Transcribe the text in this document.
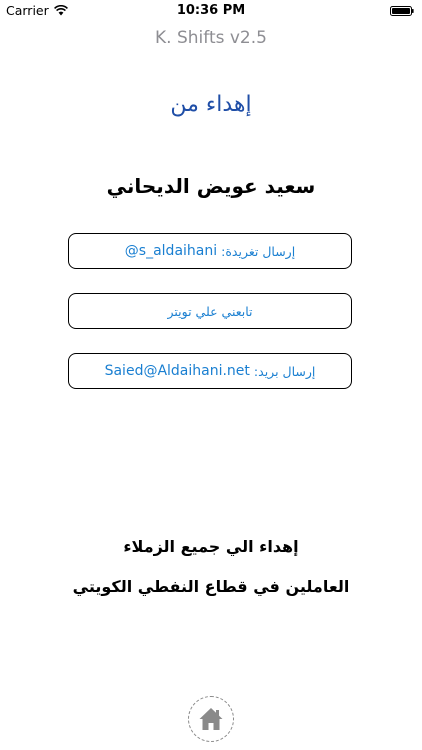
Carrier	10:36 PM
K. Shifts v2.5
إهداء من
سعيد عويض الديحاني
إرسال تغريدة:
@s_aldaihani
تابعني علي تويتر
إرسال بريد:
Saied@Aldaihani.net
إهداء الي جميع الزملاء
العاملين في قطاع النفطي الكويتي
